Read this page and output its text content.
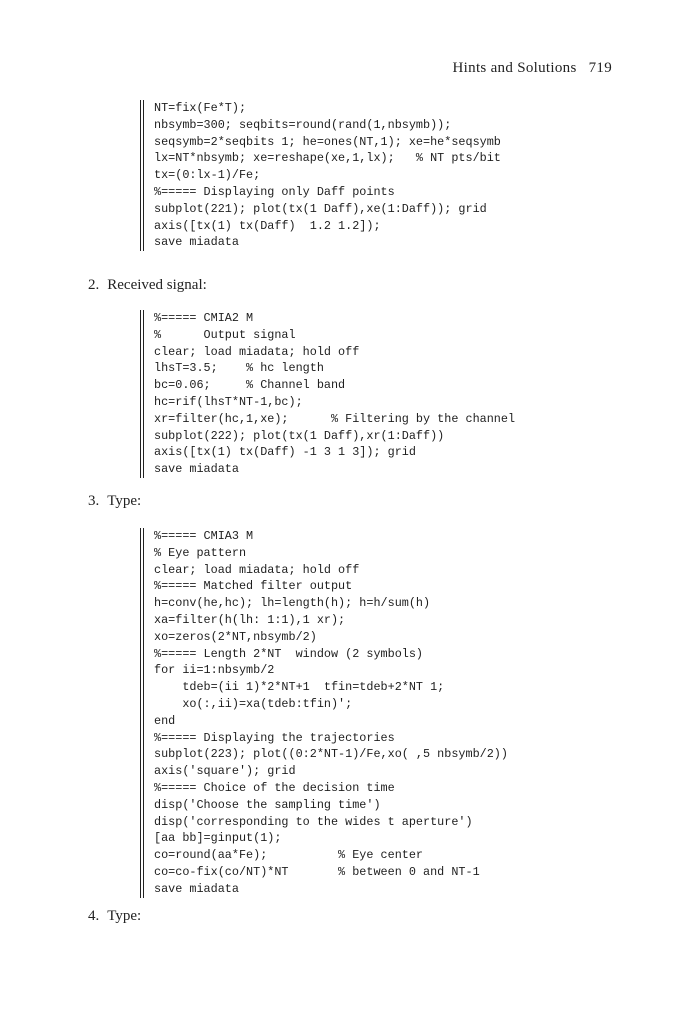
Hints and Solutions 719
NT=fix(Fe*T);
nbsymb=300; seqbits=round(rand(1,nbsymb));
seqsymb=2*seqbits 1; he=ones(NT,1); xe=he*seqsymb
lx=NT*nbsymb; xe=reshape(xe,1,lx);   % NT pts/bit
tx=(0:lx-1)/Fe;
%===== Displaying only Daff points
subplot(221); plot(tx(1 Daff),xe(1:Daff)); grid
axis([tx(1) tx(Daff)  1.2 1.2]);
save miadata
2. Received signal:
%===== CMIA2 M
%      Output signal
clear; load miadata; hold off
lhsT=3.5;    % hc length
bc=0.06;     % Channel band
hc=rif(lhsT*NT-1,bc);
xr=filter(hc,1,xe);      % Filtering by the channel
subplot(222); plot(tx(1 Daff),xr(1:Daff))
axis([tx(1) tx(Daff) -1 3 1 3]); grid
save miadata
3. Type:
%===== CMIA3 M
% Eye pattern
clear; load miadata; hold off
%===== Matched filter output
h=conv(he,hc); lh=length(h); h=h/sum(h)
xa=filter(h(lh: 1:1),1 xr);
xo=zeros(2*NT,nbsymb/2)
%===== Length 2*NT  window (2 symbols)
for ii=1:nbsymb/2
tdeb=(ii 1)*2*NT+1  tfin=tdeb+2*NT 1;
xo(:,ii)=xa(tdeb:tfin)';
end
%===== Displaying the trajectories
subplot(223); plot((0:2*NT-1)/Fe,xo( ,5 nbsymb/2))
axis('square'); grid
%===== Choice of the decision time
disp('Choose the sampling time')
disp('corresponding to the wides t aperture')
[aa bb]=ginput(1);
co=round(aa*Fe);          % Eye center
co=co-fix(co/NT)*NT       % between 0 and NT-1
save miadata
4. Type:
